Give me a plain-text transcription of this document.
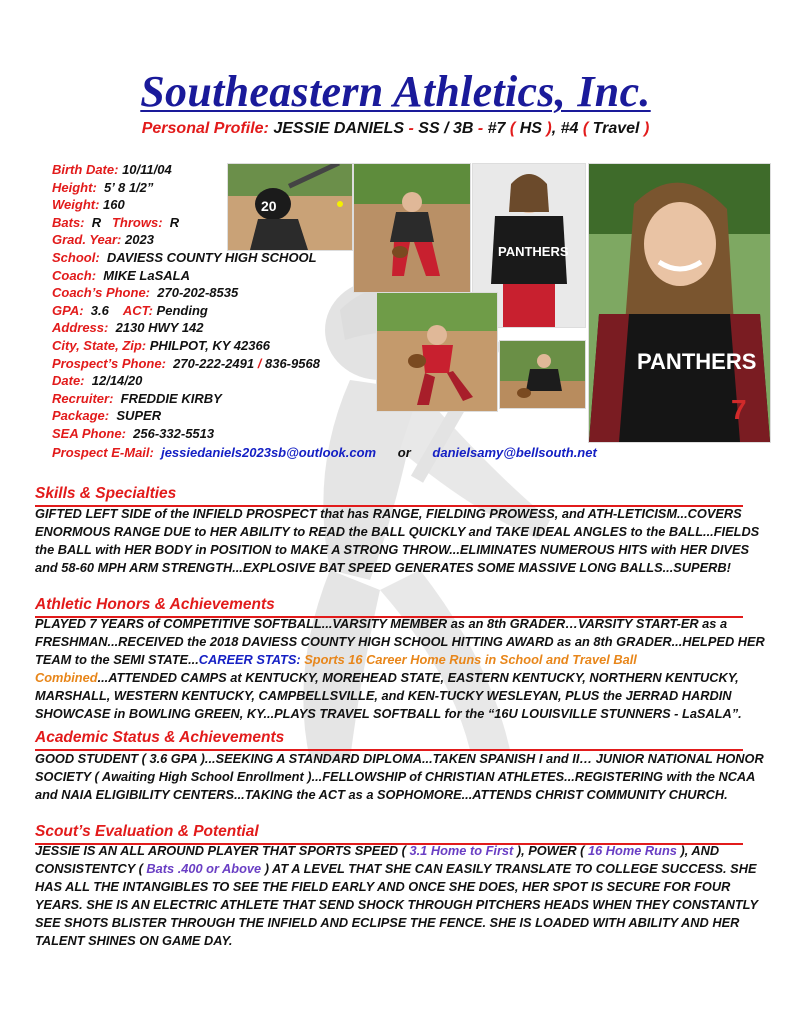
Southeastern Athletics, Inc.
Personal Profile: JESSIE DANIELS - SS / 3B - #7 ( HS ), #4 ( Travel )
Birth Date: 10/11/04
Height: 5’ 8 1/2”
Weight: 160
Bats: R Throws: R
Grad. Year: 2023
School: DAVIESS COUNTY HIGH SCHOOL
Coach: MIKE LaSALA
Coach’s Phone: 270-202-8535
GPA: 3.6 ACT: Pending
Address: 2130 HWY 142
City, State, Zip: PHILPOT, KY 42366
Prospect’s Phone: 270-222-2491 / 836-9568
Date: 12/14/20
Recruiter: FREDDIE KIRBY
Package: SUPER
SEA Phone: 256-332-5513
Prospect E-Mail: jessiedaniels2023sb@outlook.com or danielsamy@bellsouth.net
20
PANTHERS
PANTHERS
7
Skills & Specialties
GIFTED LEFT SIDE of the INFIELD PROSPECT that has RANGE, FIELDING PROWESS, and ATH-LETICISM...COVERS ENORMOUS RANGE DUE to HER ABILITY to READ the BALL QUICKLY and TAKE IDEAL ANGLES to the BALL...FIELDS the BALL with HER BODY in POSITION to MAKE A STRONG THROW...ELIMINATES NUMEROUS HITS with HER DIVES and 58-60 MPH ARM STRENGTH...EXPLOSIVE BAT SPEED GENERATES SOME MASSIVE LONG BALLS...SUPERB!
Athletic Honors & Achievements
PLAYED 7 YEARS of COMPETITIVE SOFTBALL...VARSITY MEMBER as an 8th GRADER…VARSITY START-ER as a FRESHMAN...RECEIVED the 2018 DAVIESS COUNTY HIGH SCHOOL HITTING AWARD as an 8th GRADER...HELPED HER TEAM to the SEMI STATE...CAREER STATS: Sports 16 Career Home Runs in School and Travel Ball Combined...ATTENDED CAMPS at KENTUCKY, MOREHEAD STATE, EASTERN KENTUCKY, NORTHERN KENTUCKY, MARSHALL, WESTERN KENTUCKY, CAMPBELLSVILLE, and KEN-TUCKY WESLEYAN, PLUS the JERRAD HARDIN SHOWCASE in BOWLING GREEN, KY...PLAYS TRAVEL SOFTBALL for the “16U LOUISVILLE STUNNERS - LaSALA”.
Academic Status & Achievements
GOOD STUDENT ( 3.6 GPA )...SEEKING A STANDARD DIPLOMA...TAKEN SPANISH I and II… JUNIOR NATIONAL HONOR SOCIETY ( Awaiting High School Enrollment )...FELLOWSHIP of CHRISTIAN ATHLETES...REGISTERING with the NCAA and NAIA ELIGIBILITY CENTERS...TAKING the ACT as a SOPHOMORE...ATTENDS CHRIST COMMUNITY CHURCH.
Scout’s Evaluation & Potential
JESSIE IS AN ALL AROUND PLAYER THAT SPORTS SPEED ( 3.1 Home to First ), POWER ( 16 Home Runs ), AND CONSISTENTCY ( Bats .400 or Above ) AT A LEVEL THAT SHE CAN EASILY TRANSLATE TO COLLEGE SUCCESS. SHE HAS ALL THE INTANGIBLES TO SEE THE FIELD EARLY AND ONCE SHE DOES, HER SPOT IS SECURE FOR FOUR YEARS. SHE IS AN ELECTRIC ATHLETE THAT SEND SHOCK THROUGH PITCHERS HEADS WHEN THEY CONSTANTLY SEE SHOTS BLISTER THROUGH THE INFIELD AND ECLIPSE THE FENCE. SHE IS LOADED WITH ABILITY AND HER TALENT SHINES ON GAME DAY.
